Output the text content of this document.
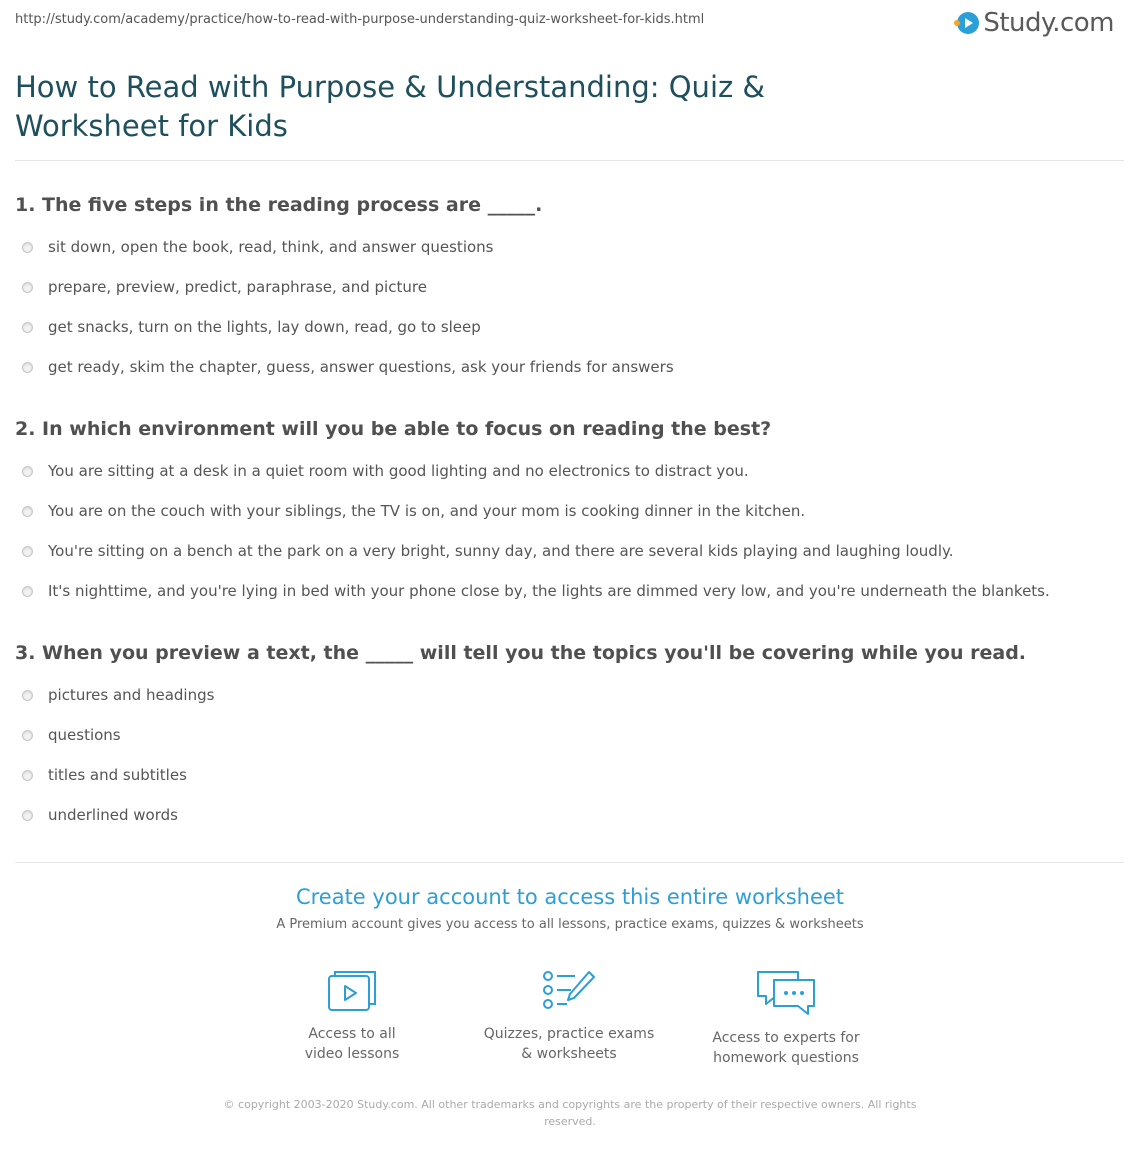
http://study.com/academy/practice/how-to-read-with-purpose-understanding-quiz-worksheet-for-kids.html	Study.com
How to Read with Purpose & Understanding: Quiz & Worksheet for Kids
1. The five steps in the reading process are _____.
sit down, open the book, read, think, and answer questions
prepare, preview, predict, paraphrase, and picture
get snacks, turn on the lights, lay down, read, go to sleep
get ready, skim the chapter, guess, answer questions, ask your friends for answers
2. In which environment will you be able to focus on reading the best?
You are sitting at a desk in a quiet room with good lighting and no electronics to distract you.
You are on the couch with your siblings, the TV is on, and your mom is cooking dinner in the kitchen.
You're sitting on a bench at the park on a very bright, sunny day, and there are several kids playing and laughing loudly.
It's nighttime, and you're lying in bed with your phone close by, the lights are dimmed very low, and you're underneath the blankets.
3. When you preview a text, the _____ will tell you the topics you'll be covering while you read.
pictures and headings
questions
titles and subtitles
underlined words
Create your account to access this entire worksheet
A Premium account gives you access to all lessons, practice exams, quizzes & worksheets
Access to all
video lessons
Quizzes, practice exams
& worksheets
Access to experts for
homework questions
© copyright 2003-2020 Study.com. All other trademarks and copyrights are the property of their respective owners. All rights reserved.
